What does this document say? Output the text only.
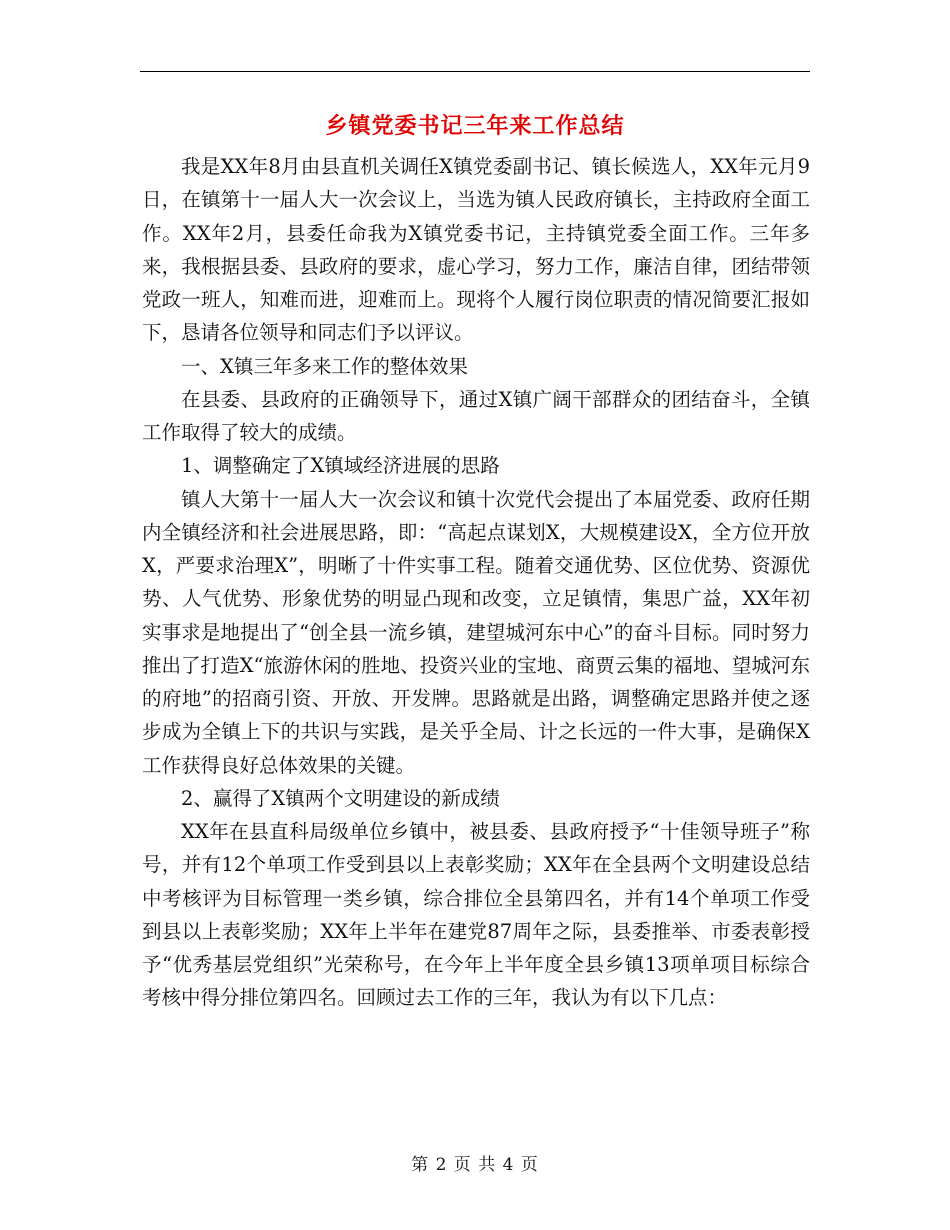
乡镇党委书记三年来工作总结

我是XX年8月由县直机关调任X镇党委副书记、镇长候选人，XX年元月9日，在镇第十一届人大一次会议上，当选为镇人民政府镇长，主持政府全面工作。XX年2月，县委任命我为X镇党委书记，主持镇党委全面工作。三年多来，我根据县委、县政府的要求，虚心学习，努力工作，廉洁自律，团结带领党政一班人，知难而进，迎难而上。现将个人履行岗位职责的情况简要汇报如下，恳请各位领导和同志们予以评议。

一、X镇三年多来工作的整体效果

在县委、县政府的正确领导下，通过X镇广阔干部群众的团结奋斗，全镇工作取得了较大的成绩。

1、调整确定了X镇域经济进展的思路

镇人大第十一届人大一次会议和镇十次党代会提出了本届党委、政府任期内全镇经济和社会进展思路，即：“高起点谋划X，大规模建设X，全方位开放X，严要求治理X”，明晰了十件实事工程。随着交通优势、区位优势、资源优势、人气优势、形象优势的明显凸现和改变，立足镇情，集思广益，XX年初实事求是地提出了“创全县一流乡镇，建望城河东中心”的奋斗目标。同时努力推出了打造X“旅游休闲的胜地、投资兴业的宝地、商贾云集的福地、望城河东的府地”的招商引资、开放、开发牌。思路就是出路，调整确定思路并使之逐步成为全镇上下的共识与实践，是关乎全局、计之长远的一件大事，是确保X工作获得良好总体效果的关键。

2、赢得了X镇两个文明建设的新成绩

XX年在县直科局级单位乡镇中，被县委、县政府授予“十佳领导班子”称号，并有12个单项工作受到县以上表彰奖励；XX年在全县两个文明建设总结中考核评为目标管理一类乡镇，综合排位全县第四名，并有14个单项工作受到县以上表彰奖励；XX年上半年在建党87周年之际，县委推举、市委表彰授予“优秀基层党组织”光荣称号，在今年上半年度全县乡镇13项单项目标综合考核中得分排位第四名。回顾过去工作的三年，我认为有以下几点：

第 2 页 共 4 页
